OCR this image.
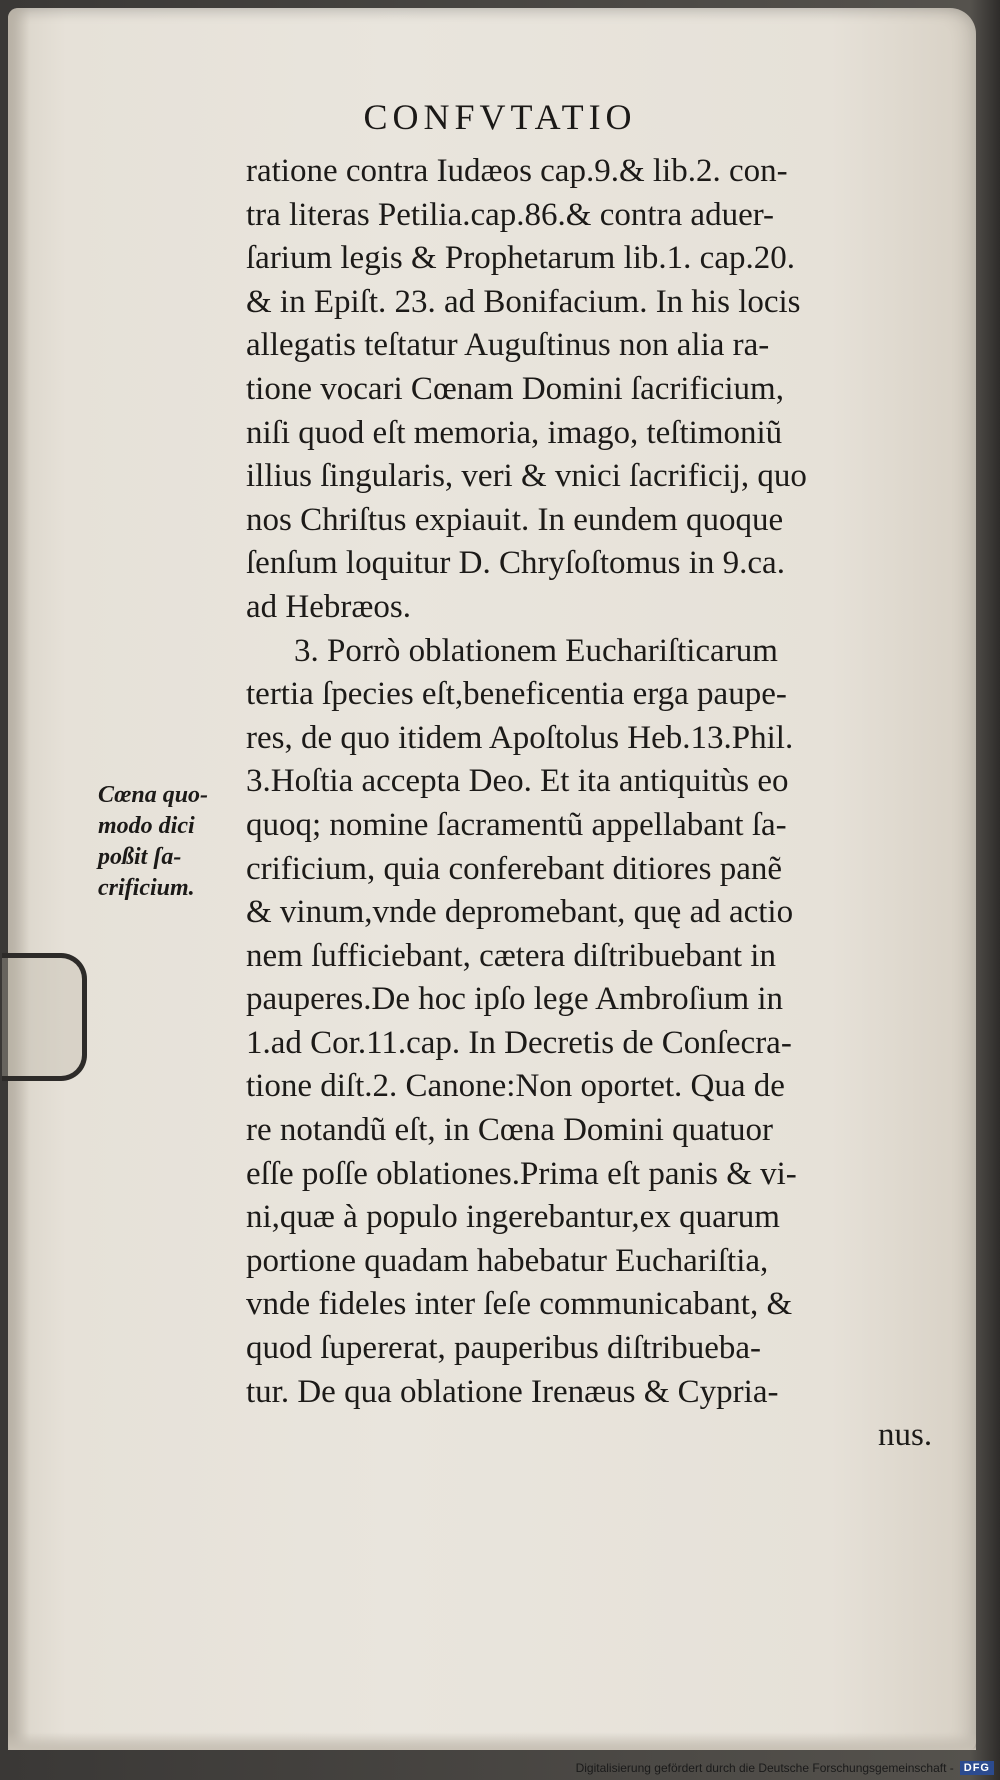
CONFVTATIO
ratione contra Iudæos cap.9.& lib.2. con-
tra literas Petilia.cap.86.& contra aduer-
ſarium legis & Prophetarum lib.1. cap.20.
& in Epiſt. 23. ad Bonifacium. In his locis
allegatis teſtatur Auguſtinus non alia ra-
tione vocari Cœnam Domini ſacrificium,
niſi quod eſt memoria, imago, teſtimoniũ
illius ſingularis, veri & vnici ſacrificij, quo
nos Chriſtus expiauit. In eundem quoque
ſenſum loquitur D. Chryſoſtomus in 9.ca.
ad Hebræos.
3. Porrò oblationem Euchariſticarum
tertia ſpecies eſt,beneficentia erga paupe-
res, de quo itidem Apoſtolus Heb.13.Phil.
3.Hoſtia accepta Deo. Et ita antiquitùs eo
quoq; nomine ſacramentũ appellabant ſa-
crificium, quia conferebant ditiores panẽ
& vinum,vnde depromebant, quę ad actio
nem ſufficiebant, cætera diſtribuebant in
pauperes.De hoc ipſo lege Ambroſium in
1.ad Cor.11.cap. In Decretis de Conſecra-
tione diſt.2. Canone:Non oportet. Qua de
re notandũ eſt, in Cœna Domini quatuor
eſſe poſſe oblationes.Prima eſt panis & vi-
ni,quæ à populo ingerebantur,ex quarum
portione quadam habebatur Euchariſtia,
vnde fideles inter ſeſe communicabant, &
quod ſupererat, pauperibus diſtribueba-
tur. De qua oblatione Irenæus & Cypria-
nus.
Cœna quo-
modo dici
poßit ſa-
crificium.
Digitalisierung gefördert durch die Deutsche Forschungsgemeinschaft - DFG
